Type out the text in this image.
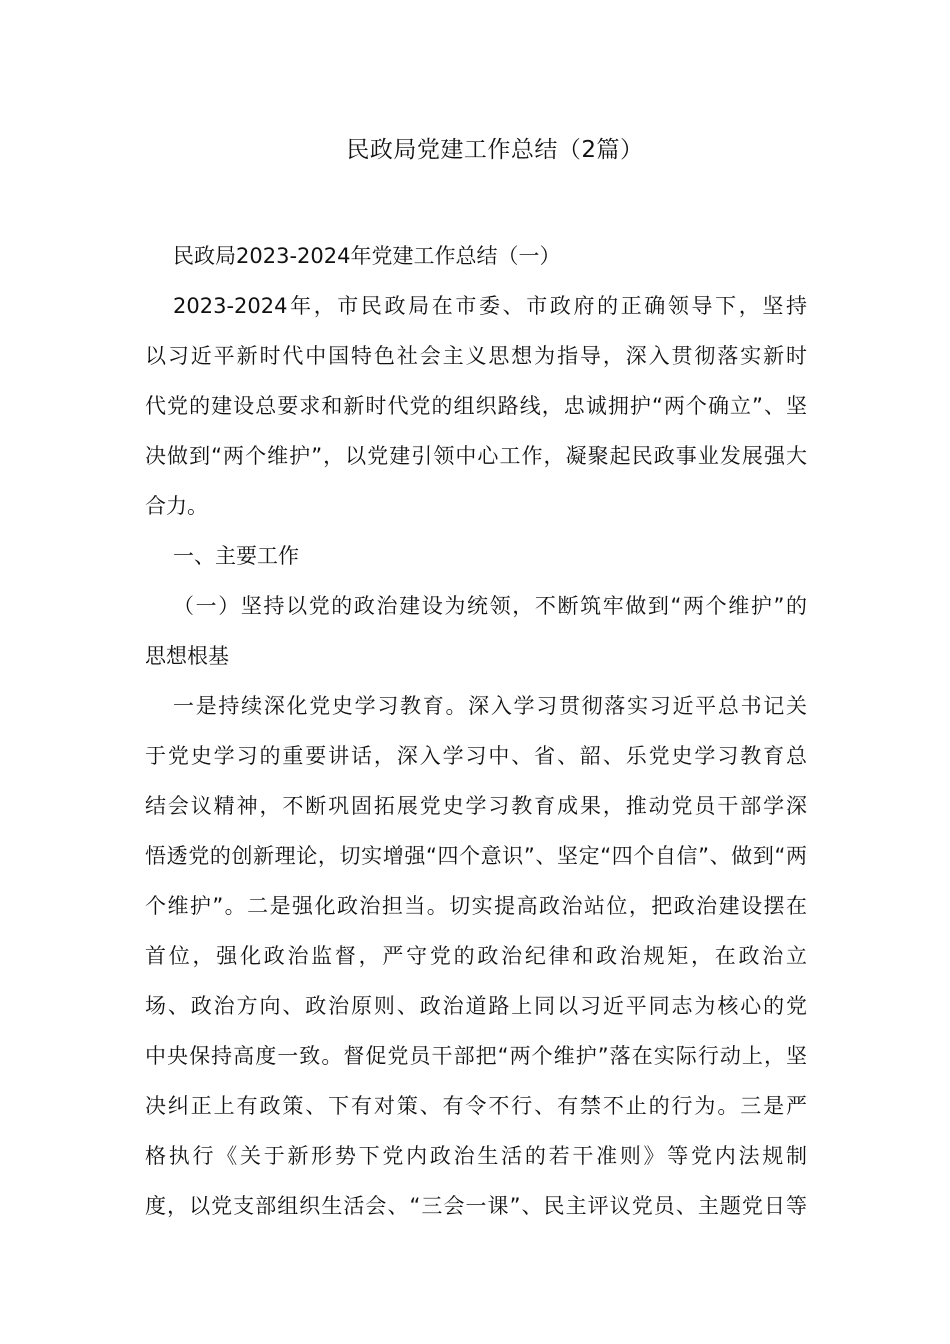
民政局党建工作总结（2篇）
民政局2023-2024年党建工作总结（一）
2023-2024年，市民政局在市委、市政府的正确领导下，坚持
以习近平新时代中国特色社会主义思想为指导，深入贯彻落实新时
代党的建设总要求和新时代党的组织路线，忠诚拥护“两个确立”、坚
决做到“两个维护”，以党建引领中心工作，凝聚起民政事业发展强大
合力。
一、主要工作
（一）坚持以党的政治建设为统领，不断筑牢做到“两个维护”的
思想根基
一是持续深化党史学习教育。深入学习贯彻落实习近平总书记关
于党史学习的重要讲话，深入学习中、省、韶、乐党史学习教育总
结会议精神，不断巩固拓展党史学习教育成果，推动党员干部学深
悟透党的创新理论，切实增强“四个意识”、坚定“四个自信”、做到“两
个维护”。二是强化政治担当。切实提高政治站位，把政治建设摆在
首位，强化政治监督，严守党的政治纪律和政治规矩，在政治立
场、政治方向、政治原则、政治道路上同以习近平同志为核心的党
中央保持高度一致。督促党员干部把“两个维护”落在实际行动上，坚
决纠正上有政策、下有对策、有令不行、有禁不止的行为。三是严
格执行《关于新形势下党内政治生活的若干准则》等党内法规制
度，以党支部组织生活会、“三会一课”、民主评议党员、主题党日等
